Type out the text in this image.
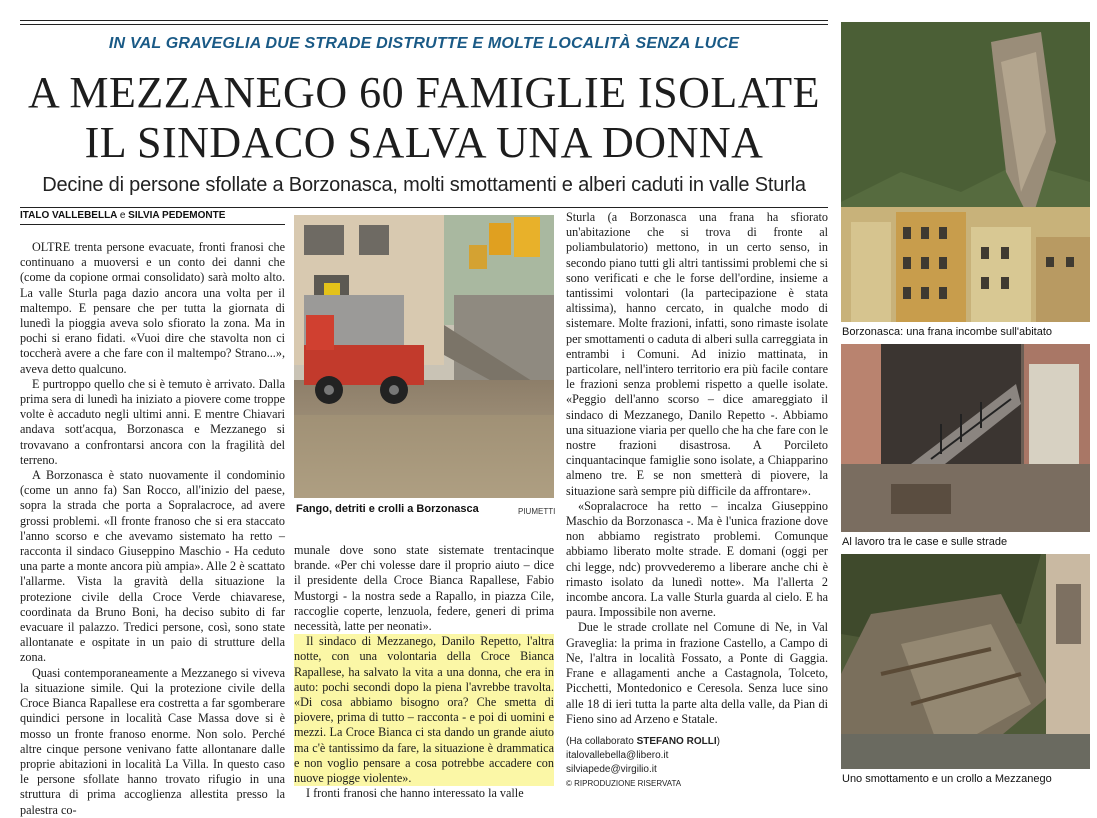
IN VAL GRAVEGLIA DUE STRADE DISTRUTTE E MOLTE LOCALITÀ SENZA LUCE
A MEZZANEGO 60 FAMIGLIE ISOLATE
IL SINDACO SALVA UNA DONNA
Decine di persone sfollate a Borzonasca, molti smottamenti e alberi caduti in valle Sturla
ITALO VALLEBELLA e SILVIA PEDEMONTE

OLTRE trenta persone evacuate, fronti franosi che continuano a muoversi e un conto dei danni che (come da copione ormai consolidato) sarà molto alto. La valle Sturla paga dazio ancora una volta per il maltempo. E pensare che per tutta la giornata di lunedì la pioggia aveva solo sfiorato la zona. Ma in pochi si erano fidati. «Vuoi dire che stavolta non ci toccherà avere a che fare con il maltempo? Strano...», aveva detto qualcuno.

E purtroppo quello che si è temuto è arrivato. Dalla prima sera di lunedì ha iniziato a piovere come troppe volte è accaduto negli ultimi anni. E mentre Chiavari andava sott'acqua, Borzonasca e Mezzanego si trovavano a confrontarsi ancora con la fragilità del terreno.

A Borzonasca è stato nuovamente il condominio (come un anno fa) San Rocco, all'inizio del paese, sopra la strada che porta a Sopralacroce, ad avere grossi problemi. «Il fronte franoso che si era staccato l'anno scorso e che avevamo sistemato ha retto – racconta il sindaco Giuseppino Maschio - Ha ceduto una parte a monte ancora più ampia». Alle 2 è scattato l'allarme. Vista la gravità della situazione la protezione civile della Croce Verde chiavarese, coordinata da Bruno Boni, ha deciso subito di far evacuare il palazzo. Tredici persone, così, sono state allontanate e ospitate in un paio di strutture della zona.

Quasi contemporaneamente a Mezzanego si viveva la situazione simile. Qui la protezione civile della Croce Bianca Rapallese era costretta a far sgomberare quindici persone in località Case Massa dove si è mosso un fronte franoso enorme. Non solo. Perché altre cinque persone venivano fatte allontanare dalle proprie abitazioni in località La Villa. In questo caso le persone sfollate hanno trovato rifugio in una struttura di prima accoglienza allestita presso la palestra co-

Fango, detriti e crolli a Borzonasca	PIUMETTI

munale dove sono state sistemate trentacinque brande. «Per chi volesse dare il proprio aiuto – dice il presidente della Croce Bianca Rapallese, Fabio Mustorgi - la nostra sede a Rapallo, in piazza Cile, raccoglie coperte, lenzuola, federe, generi di prima necessità, latte per neonati».

Il sindaco di Mezzanego, Danilo Repetto, l'altra notte, con una volontaria della Croce Bianca Rapallese, ha salvato la vita a una donna, che era in auto: pochi secondi dopo la piena l'avrebbe travolta. «Di cosa abbiamo bisogno ora? Che smetta di piovere, prima di tutto – racconta - e poi di uomini e mezzi. La Croce Bianca ci sta dando un grande aiuto ma c'è tantissimo da fare, la situazione è drammatica e non voglio pensare a cosa potrebbe accadere con nuove piogge violente».

I fronti franosi che hanno interessato la valle

Sturla (a Borzonasca una frana ha sfiorato un'abitazione che si trova di fronte al poliambulatorio) mettono, in un certo senso, in secondo piano tutti gli altri tantissimi problemi che si sono verificati e che le forse dell'ordine, insieme a tantissimi volontari (la partecipazione è stata altissima), hanno cercato, in qualche modo di sistemare. Molte frazioni, infatti, sono rimaste isolate per smottamenti o caduta di alberi sulla carreggiata in entrambi i Comuni. Ad inizio mattinata, in particolare, nell'intero territorio era più facile contare le frazioni senza problemi rispetto a quelle isolate. «Peggio dell'anno scorso – dice amareggiato il sindaco di Mezzanego, Danilo Repetto -. Abbiamo una situazione viaria per quello che ha che fare con le nostre frazioni disastrosa. A Porcileto cinquantacinque famiglie sono isolate, a Chiapparino almeno tre. E se non smetterà di piovere, la situazione sarà sempre più difficile da affrontare».

«Sopralacroce ha retto – incalza Giuseppino Maschio da Borzonasca -. Ma è l'unica frazione dove non abbiamo registrato problemi. Comunque abbiamo liberato molte strade. E domani (oggi per chi legge, ndc) provvederemo a liberare anche chi è rimasto isolato da lunedì notte». Ma l'allerta 2 incombe ancora. La valle Sturla guarda al cielo. E ha paura. Impossibile non averne.

Due le strade crollate nel Comune di Ne, in Val Graveglia: la prima in frazione Castello, a Campo di Ne, l'altra in località Fossato, a Ponte di Gaggia. Frane e allagamenti anche a Castagnola, Tolceto, Picchetti, Montedonico e Ceresola. Senza luce sino alle 18 di ieri tutta la parte alta della valle, da Pian di Fieno sino ad Arzeno e Statale.

(Ha collaborato STEFANO ROLLI)
italovallebella@libero.it
silviapede@virgilio.it
© RIPRODUZIONE RISERVATA
Borzonasca: una frana incombe sull'abitato
Al lavoro tra le case e sulle strade
Uno smottamento e un crollo a Mezzanego
